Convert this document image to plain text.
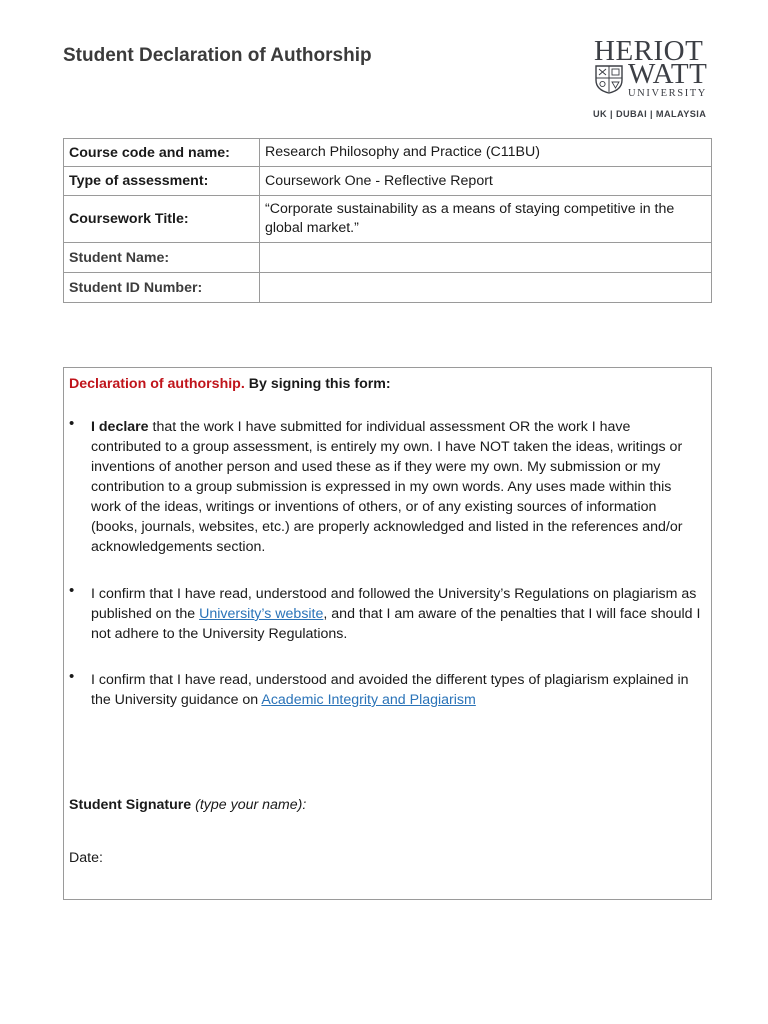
Student Declaration of Authorship	HERIOT
WATT
UNIVERSITY
UK | DUBAI | MALAYSIA
Course code and name:	Research Philosophy and Practice (C11BU)
Type of assessment:	Coursework One - Reflective Report
Coursework Title:	“Corporate sustainability as a means of staying competitive in the global market.”
Student Name:	
Student ID Number:	
Declaration of authorship. By signing this form:
• I declare that the work I have submitted for individual assessment OR the work I have contributed to a group assessment, is entirely my own. I have NOT taken the ideas, writings or inventions of another person and used these as if they were my own. My submission or my contribution to a group submission is expressed in my own words. Any uses made within this work of the ideas, writings or inventions of others, or of any existing sources of information (books, journals, websites, etc.) are properly acknowledged and listed in the references and/or acknowledgements section.
• I confirm that I have read, understood and followed the University’s Regulations on plagiarism as published on the University’s website, and that I am aware of the penalties that I will face should I not adhere to the University Regulations.
• I confirm that I have read, understood and avoided the different types of plagiarism explained in the University guidance on Academic Integrity and Plagiarism
Student Signature (type your name):
Date:
